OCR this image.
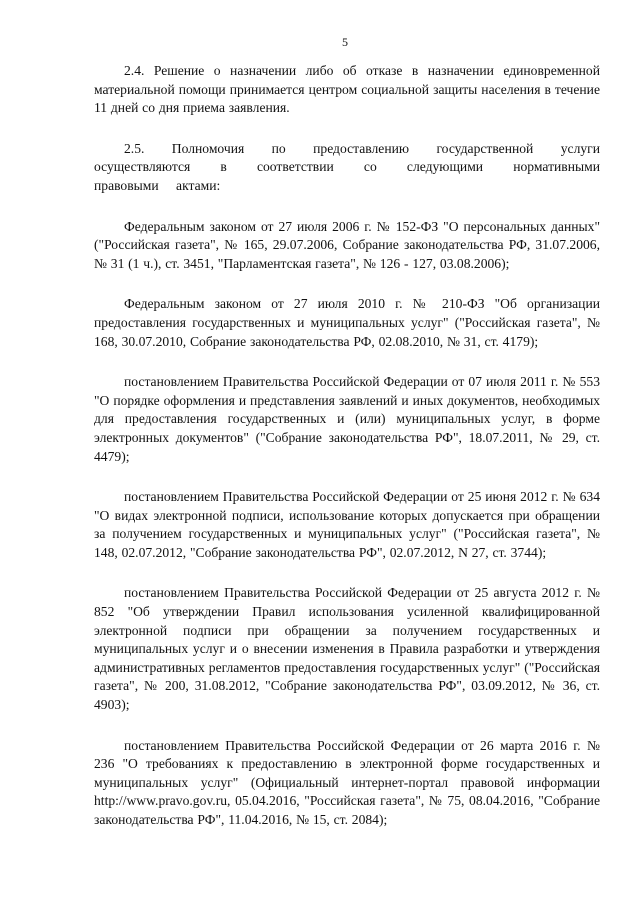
5

2.4. Решение о назначении либо об отказе в назначении единовременной материальной помощи принимается центром социальной защиты населения в течение 11 дней со дня приема заявления.

2.5. Полномочия по предоставлению государственной услуги осуществляются в соответствии со следующими нормативными правовыми актами:

Федеральным законом от 27 июля 2006 г. № 152-ФЗ "О персональных данных" ("Российская газета", № 165, 29.07.2006, Собрание законодательства РФ, 31.07.2006, № 31 (1 ч.), ст. 3451, "Парламентская газета", № 126 - 127, 03.08.2006);

Федеральным законом от 27 июля 2010 г. № 210-ФЗ "Об организации предоставления государственных и муниципальных услуг" ("Российская газета", № 168, 30.07.2010, Собрание законодательства РФ, 02.08.2010, № 31, ст. 4179);

постановлением Правительства Российской Федерации от 07 июля 2011 г. № 553 "О порядке оформления и представления заявлений и иных документов, необходимых для предоставления государственных и (или) муниципальных услуг, в форме электронных документов" ("Собрание законодательства РФ", 18.07.2011, № 29, ст. 4479);

постановлением Правительства Российской Федерации от 25 июня 2012 г. № 634 "О видах электронной подписи, использование которых допускается при обращении за получением государственных и муниципальных услуг" ("Российская газета", № 148, 02.07.2012, "Собрание законодательства РФ", 02.07.2012, N 27, ст. 3744);

постановлением Правительства Российской Федерации от 25 августа 2012 г. № 852 "Об утверждении Правил использования усиленной квалифицированной электронной подписи при обращении за получением государственных и муниципальных услуг и о внесении изменения в Правила разработки и утверждения административных регламентов предоставления государственных услуг" ("Российская газета", № 200, 31.08.2012, "Собрание законодательства РФ", 03.09.2012, № 36, ст. 4903);

постановлением Правительства Российской Федерации от 26 марта 2016 г. № 236 "О требованиях к предоставлению в электронной форме государственных и муниципальных услуг" (Официальный интернет-портал правовой информации http://www.pravo.gov.ru, 05.04.2016, "Российская газета", № 75, 08.04.2016, "Собрание законодательства РФ", 11.04.2016, № 15, ст. 2084);
